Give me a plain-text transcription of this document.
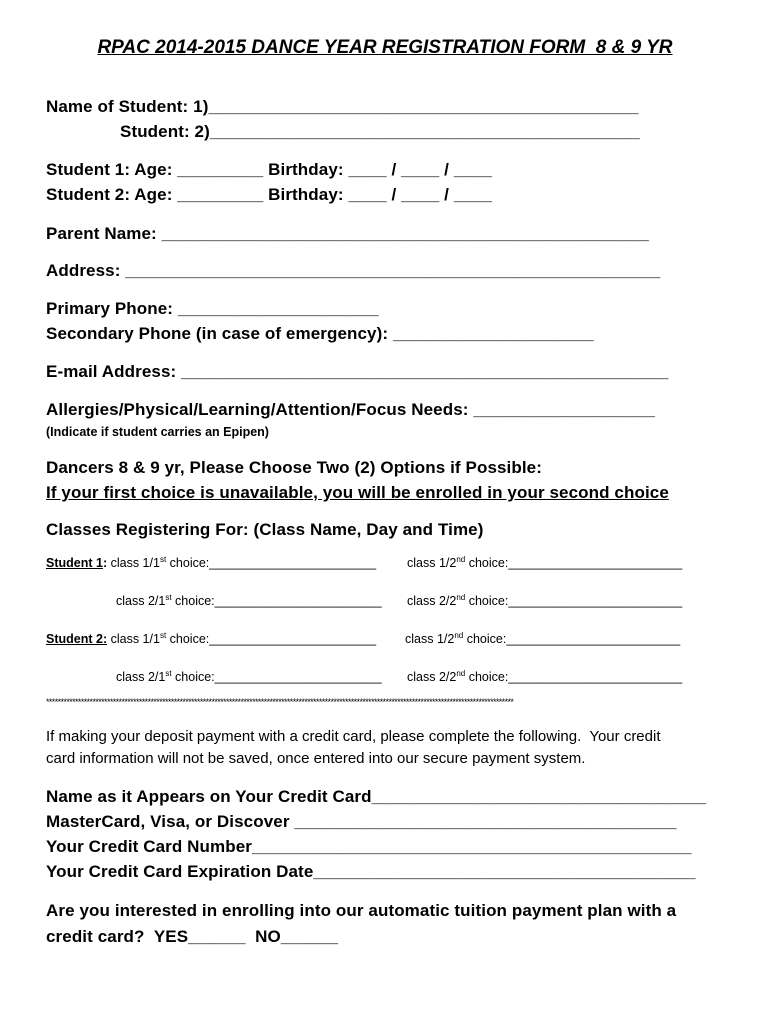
RPAC 2014-2015 DANCE YEAR REGISTRATION FORM  8 & 9 YR
Name of Student: 1)_____________________________________________
Student: 2)_____________________________________________
Student 1: Age: _________ Birthday: ____ / ____ / ____
Student 2: Age: _________ Birthday: ____ / ____ / ____
Parent Name: ___________________________________________________
Address: ________________________________________________________
Primary Phone: _____________________
Secondary Phone (in case of emergency): _____________________
E-mail Address: ___________________________________________________
Allergies/Physical/Learning/Attention/Focus Needs: ___________________
(Indicate if student carries an Epipen)
Dancers 8 & 9 yr, Please Choose Two (2) Options if Possible:
If your first choice is unavailable, you will be enrolled in your second choice
Classes Registering For: (Class Name, Day and Time)
Student 1: class 1/1st choice:________________________ class 1/2nd choice:_________________________
class 2/1st choice:________________________ class 2/2nd choice:_________________________
Student 2: class 1/1st choice:________________________ class 1/2nd choice:_________________________
class 2/1st choice:________________________ class 2/2nd choice:_________________________
*****************************************************************************************************************************************************************
If making your deposit payment with a credit card, please complete the following.  Your credit
card information will not be saved, once entered into our secure payment system.
Name as it Appears on Your Credit Card___________________________________
MasterCard, Visa, or Discover ________________________________________
Your Credit Card Number______________________________________________
Your Credit Card Expiration Date________________________________________
Are you interested in enrolling into our automatic tuition payment plan with a
credit card?  YES______  NO______
